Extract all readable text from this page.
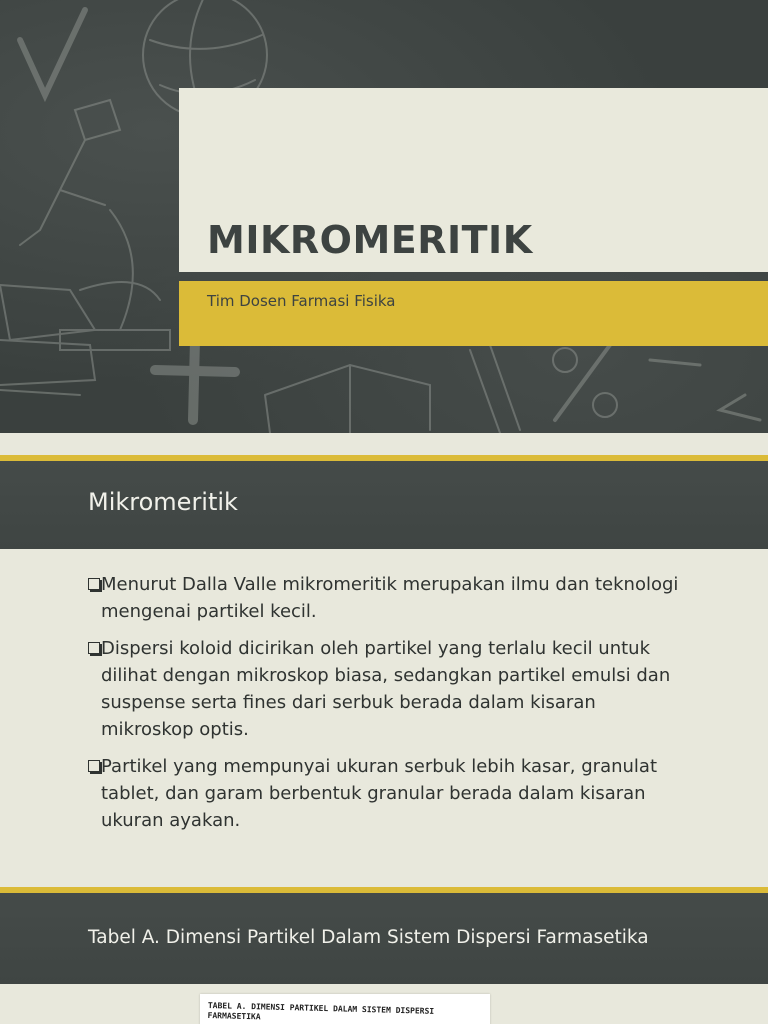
MIKROMERITIK

Tim Dosen Farmasi Fisika

Mikromeritik
Menurut Dalla Valle mikromeritik merupakan ilmu dan teknologi mengenai partikel kecil.
Dispersi koloid dicirikan oleh partikel yang terlalu kecil untuk dilihat dengan mikroskop biasa, sedangkan partikel emulsi dan suspense serta fines dari serbuk berada dalam kisaran mikroskop optis.
Partikel yang mempunyai ukuran serbuk lebih kasar, granulat tablet, dan garam berbentuk granular berada dalam kisaran ukuran ayakan.
Tabel A. Dimensi Partikel Dalam Sistem Dispersi Farmasetika

TABEL A. DIMENSI PARTIKEL DALAM SISTEM DISPERSI FARMASETIKA
